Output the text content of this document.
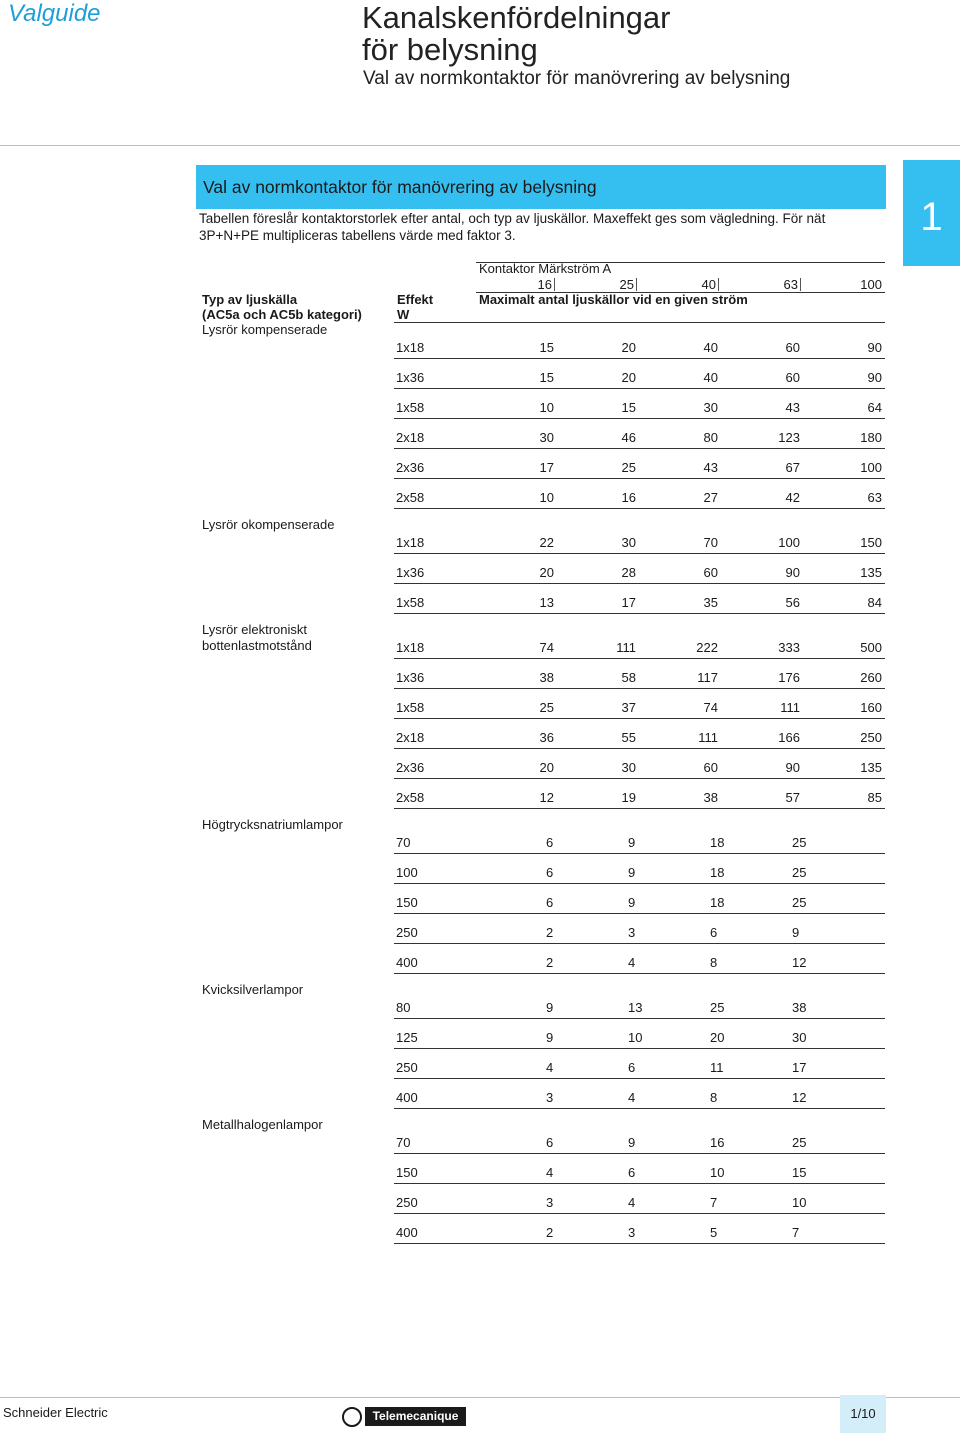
Valguide	Kanalskenfördelningar
för belysning
Val av normkontaktor för manövrering av belysning
Val av normkontaktor för manövrering av belysning
Tabellen föreslår kontaktorstorlek efter antal, och typ av ljuskällor. Maxeffekt ges som vägledning. För nät 3P+N+PE multipliceras tabellens värde med faktor 3.	1
Kontaktor Märkström A
16	25	40	63	100
Typ av ljuskälla
(AC5a och AC5b kategori)
Effekt
W
Maximalt antal ljuskällor vid en given ström
Lysrör kompenserade
1x18	15	20	40	60	90
1x36	15	20	40	60	90
1x58	10	15	30	43	64
2x18	30	46	80	123	180
2x36	17	25	43	67	100
2x58	10	16	27	42	63
Lysrör okompenserade
1x18	22	30	70	100	150
1x36	20	28	60	90	135
1x58	13	17	35	56	84
Lysrör elektroniskt
bottenlastmotstånd	1x18	74	111	222	333	500
1x36	38	58	117	176	260
1x58	25	37	74	111	160
2x18	36	55	111	166	250
2x36	20	30	60	90	135
2x58	12	19	38	57	85
Högtrycksnatriumlampor
70	6	9	18	25
100	6	9	18	25
150	6	9	18	25
250	2	3	6	9
400	2	4	8	12
Kvicksilverlampor
80	9	13	25	38
125	9	10	20	30
250	4	6	11	17
400	3	4	8	12
Metallhalogenlampor
70	6	9	16	25
150	4	6	10	15
250	3	4	7	10
400	2	3	5	7
Schneider Electric	Telemecanique	1/10
